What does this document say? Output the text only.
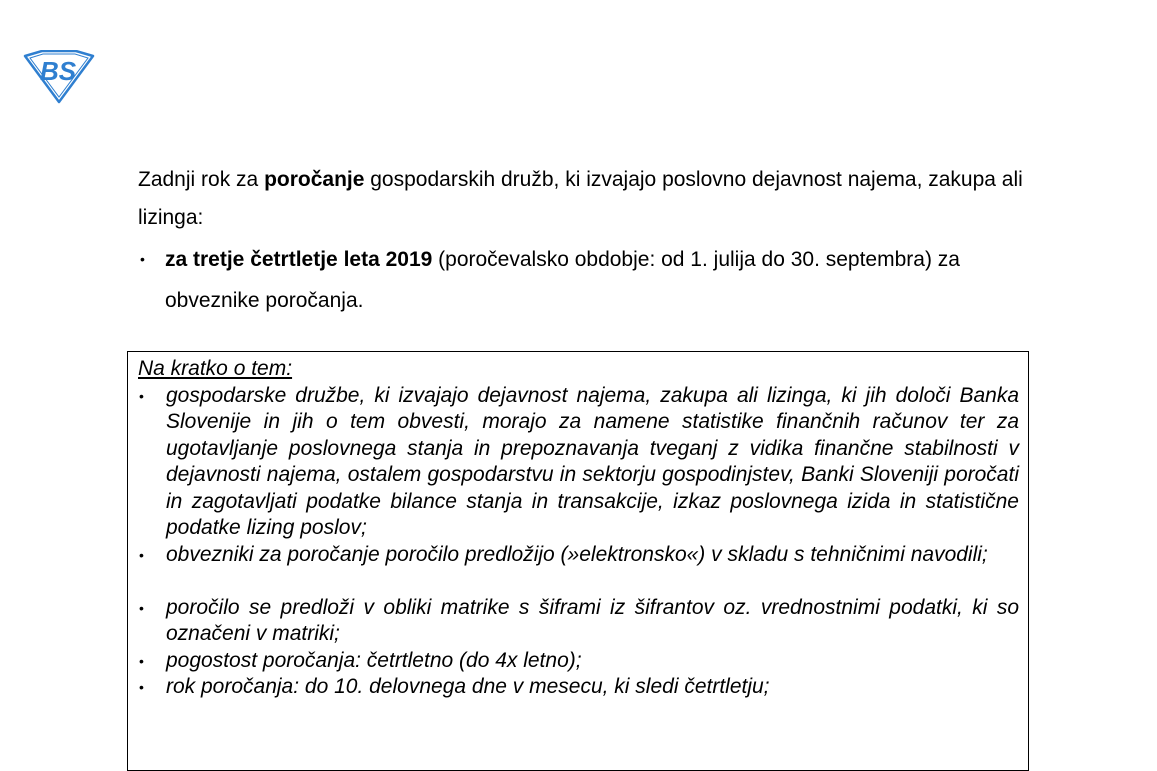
BS

Zadnji rok za poročanje gospodarskih družb, ki izvajajo poslovno dejavnost najema, zakupa ali lizinga:

• za tretje četrtletje leta 2019 (poročevalsko obdobje: od 1. julija do 30. septembra) za obveznike poročanja.

Na kratko o tem:

• gospodarske družbe, ki izvajajo dejavnost najema, zakupa ali lizinga, ki jih določi Banka Slovenije in jih o tem obvesti, morajo za namene statistike finančnih računov ter za ugotavljanje poslovnega stanja in prepoznavanja tveganj z vidika finančne stabilnosti v dejavnosti najema, ostalem gospodarstvu in sektorju gospodinjstev, Banki Sloveniji poročati in zagotavljati podatke bilance stanja in transakcije, izkaz poslovnega izida in statistične podatke lizing poslov;
• obvezniki za poročanje poročilo predložijo (»elektronsko«) v skladu s tehničnimi navodili;
• poročilo se predloži v obliki matrike s šiframi iz šifrantov oz. vrednostnimi podatki, ki so označeni v matriki;
• pogostost poročanja: četrtletno (do 4x letno);
• rok poročanja: do 10. delovnega dne v mesecu, ki sledi četrtletju;
